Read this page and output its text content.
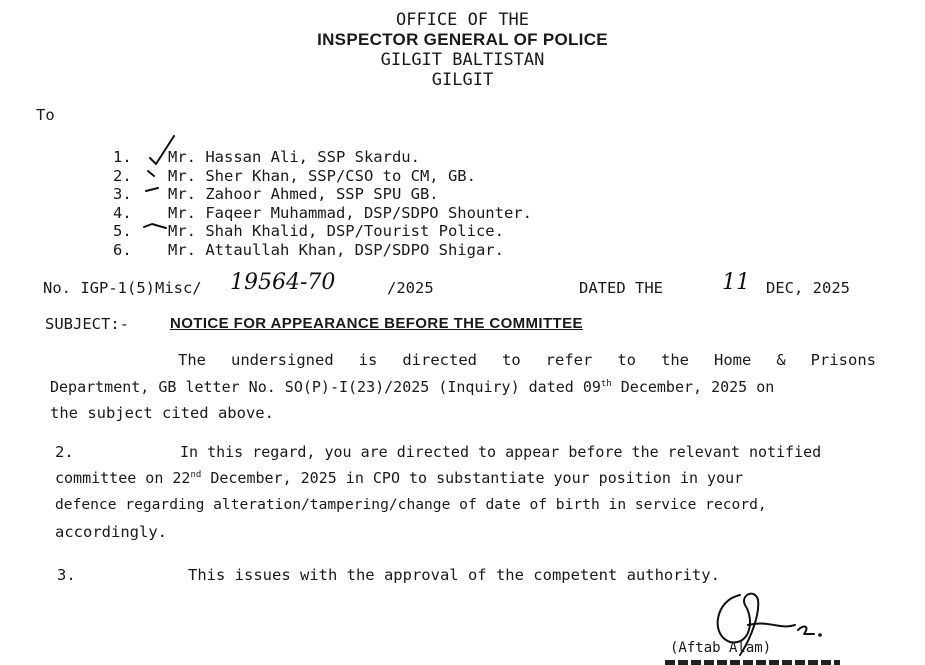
OFFICE OF THE
INSPECTOR GENERAL OF POLICE
GILGIT BALTISTAN
GILGIT
To
1. Mr. Hassan Ali, SSP Skardu.
2. Mr. Sher Khan, SSP/CSO to CM, GB.
3. Mr. Zahoor Ahmed, SSP SPU GB.
4. Mr. Faqeer Muhammad, DSP/SDPO Shounter.
5. Mr. Shah Khalid, DSP/Tourist Police.
6. Mr. Attaullah Khan, DSP/SDPO Shigar.
No. IGP-1(5)Misc/ 19564-70	/2025	DATED THE	11 DEC, 2025
SUBJECT:-	NOTICE FOR APPEARANCE BEFORE THE COMMITTEE
The undersigned is directed to refer to the Home & Prisons
Department, GB letter No. SO(P)-I(23)/2025 (Inquiry) dated 09th December, 2025 on
the subject cited above.
2.	In this regard, you are directed to appear before the relevant notified
committee on 22nd December, 2025 in CPO to substantiate your position in your
defence regarding alteration/tampering/change of date of birth in service record,
accordingly.
3.	This issues with the approval of the competent authority.
(Aftab Alam)
